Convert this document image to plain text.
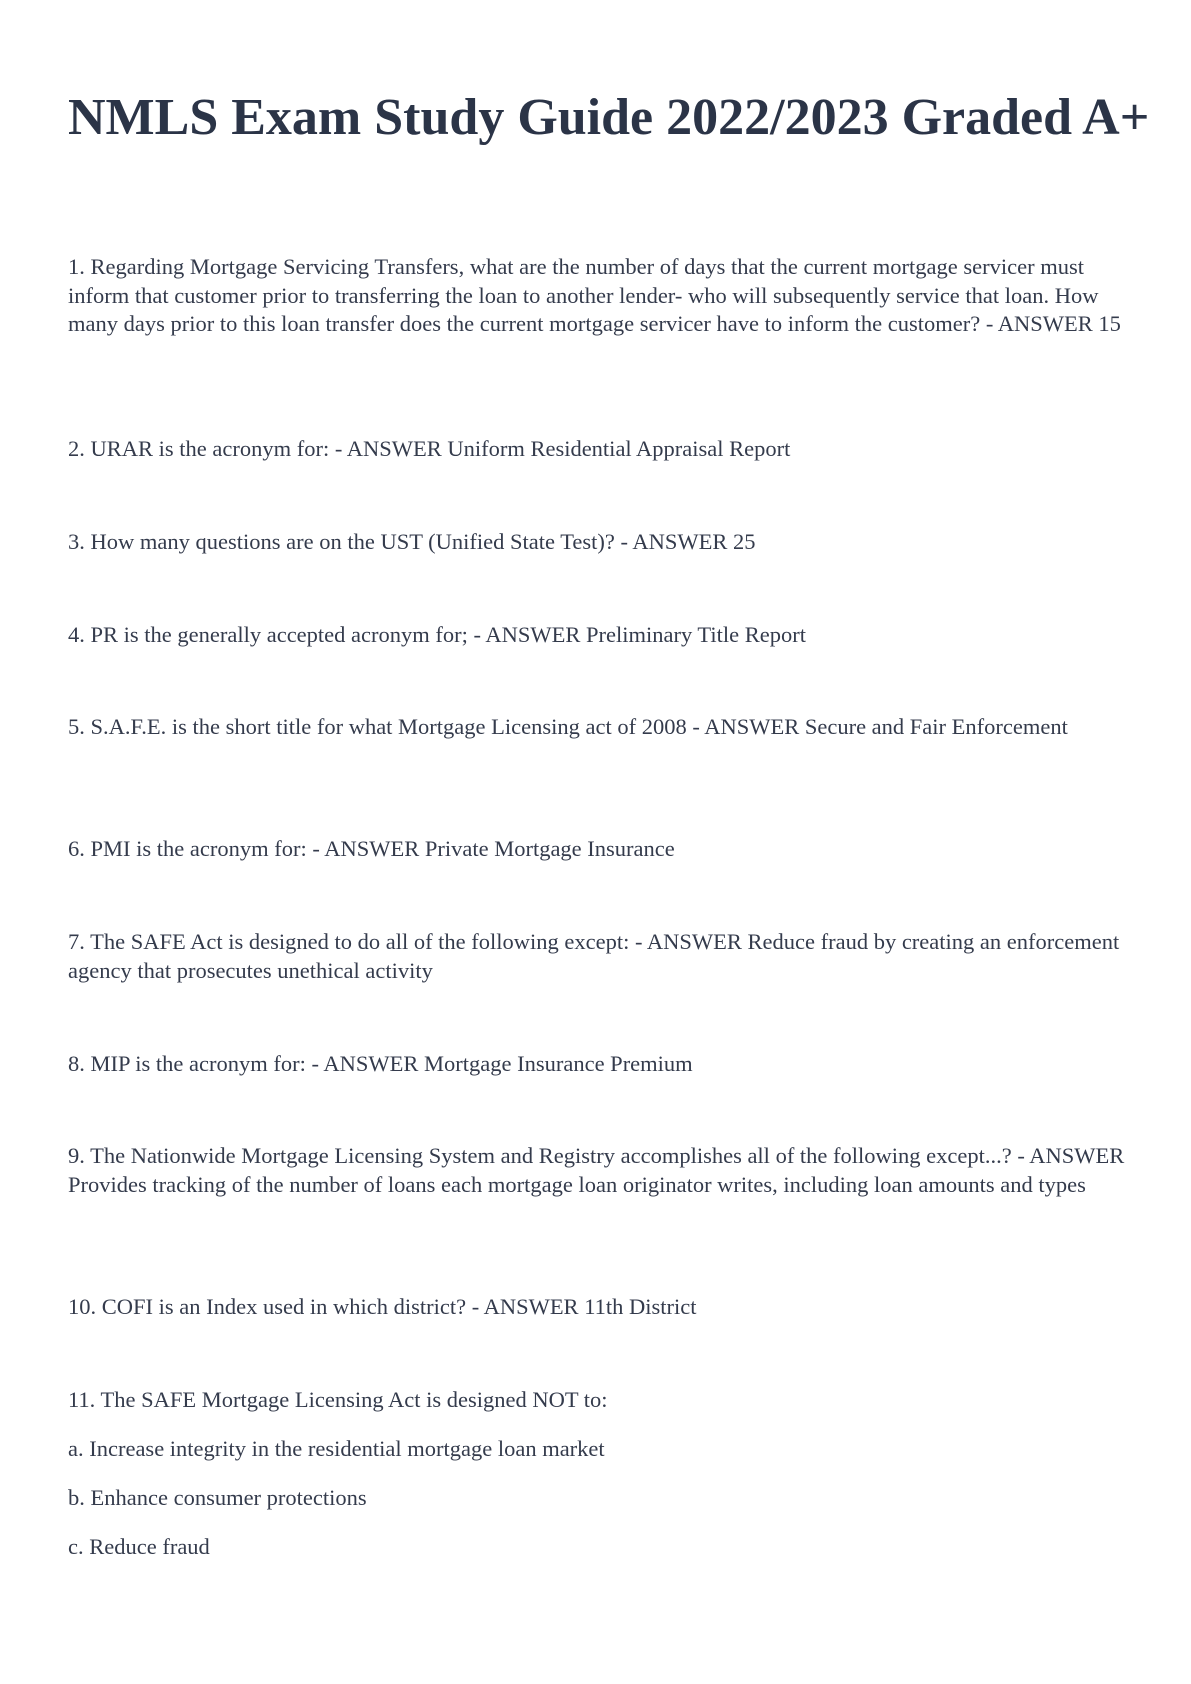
NMLS Exam Study Guide 2022/2023 Graded A+

1. Regarding Mortgage Servicing Transfers, what are the number of days that the current mortgage servicer must inform that customer prior to transferring the loan to another lender- who will subsequently service that loan. How many days prior to this loan transfer does the current mortgage servicer have to inform the customer? - ANSWER 15

2. URAR is the acronym for: - ANSWER Uniform Residential Appraisal Report

3. How many questions are on the UST (Unified State Test)? - ANSWER 25

4. PR is the generally accepted acronym for; - ANSWER Preliminary Title Report

5. S.A.F.E. is the short title for what Mortgage Licensing act of 2008 - ANSWER Secure and Fair Enforcement

6. PMI is the acronym for: - ANSWER Private Mortgage Insurance

7. The SAFE Act is designed to do all of the following except: - ANSWER Reduce fraud by creating an enforcement agency that prosecutes unethical activity

8. MIP is the acronym for: - ANSWER Mortgage Insurance Premium

9. The Nationwide Mortgage Licensing System and Registry accomplishes all of the following except...? - ANSWER Provides tracking of the number of loans each mortgage loan originator writes, including loan amounts and types

10. COFI is an Index used in which district? - ANSWER 11th District

11. The SAFE Mortgage Licensing Act is designed NOT to:

a. Increase integrity in the residential mortgage loan market

b. Enhance consumer protections

c. Reduce fraud
